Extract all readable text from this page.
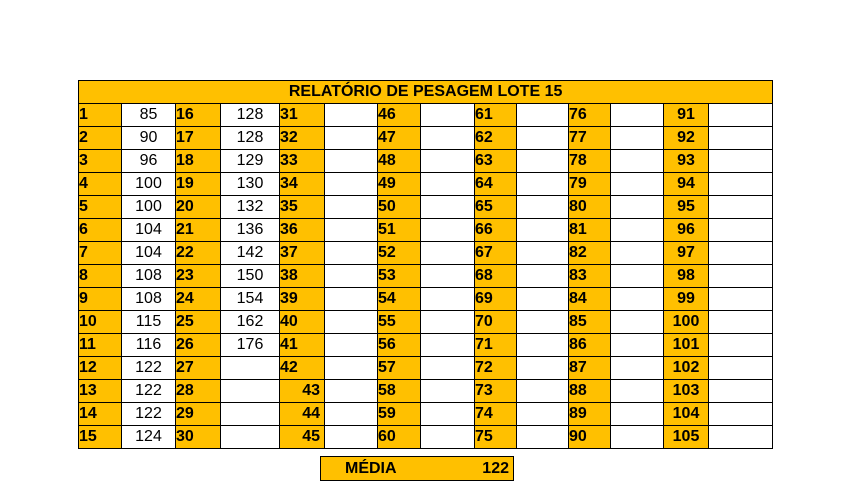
RELATÓRIO DE PESAGEM LOTE 15													
1	85	16	128	31		46		61		76		91	
2	90	17	128	32		47		62		77		92	
3	96	18	129	33		48		63		78		93	
4	100	19	130	34		49		64		79		94	
5	100	20	132	35		50		65		80		95	
6	104	21	136	36		51		66		81		96	
7	104	22	142	37		52		67		82		97	
8	108	23	150	38		53		68		83		98	
9	108	24	154	39		54		69		84		99	
10	115	25	162	40		55		70		85		100	
11	116	26	176	41		56		71		86		101	
12	122	27		42		57		72		87		102	
13	122	28		43		58		73		88		103	
14	122	29		44		59		74		89		104	
15	124	30		45		60		75		90		105	
MÉDIA	122
